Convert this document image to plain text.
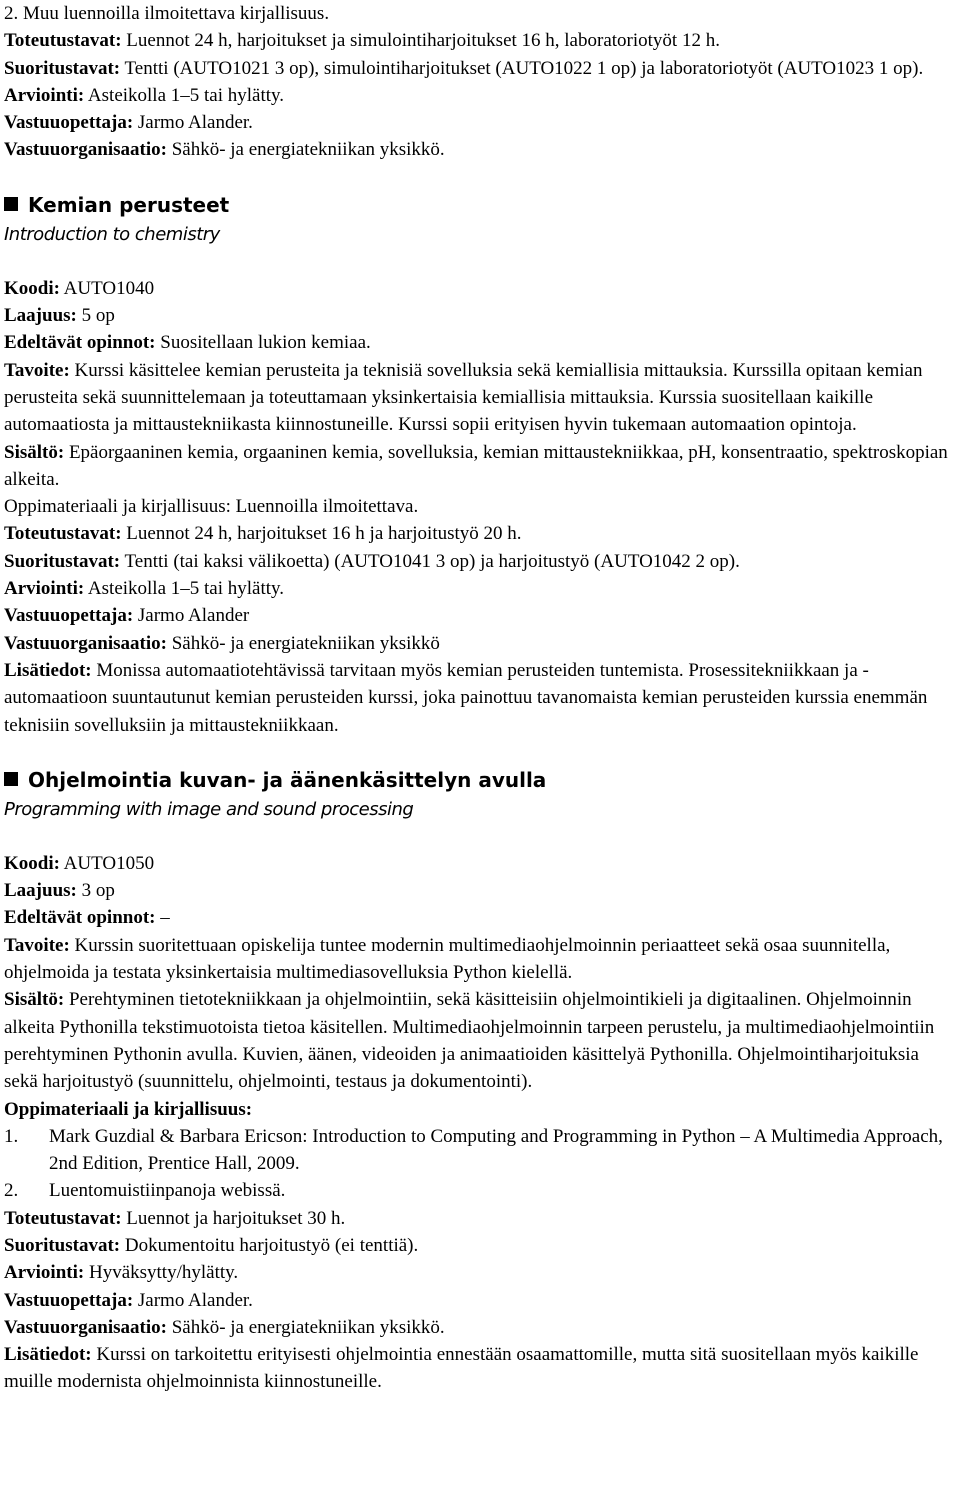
2. Muu luennoilla ilmoitettava kirjallisuus.

Toteutustavat: Luennot 24 h, harjoitukset ja simulointiharjoitukset 16 h, laboratoriotyöt 12 h.

Suoritustavat: Tentti (AUTO1021 3 op), simulointiharjoitukset (AUTO1022 1 op) ja laboratoriotyöt (AUTO1023 1 op).

Arviointi: Asteikolla 1–5 tai hylätty.

Vastuuopettaja: Jarmo Alander.

Vastuuorganisaatio: Sähkö- ja energiatekniikan yksikkö.

Kemian perusteet

Introduction to chemistry

Koodi: AUTO1040

Laajuus: 5 op

Edeltävät opinnot: Suositellaan lukion kemiaa.

Tavoite: Kurssi käsittelee kemian perusteita ja teknisiä sovelluksia sekä kemiallisia mittauksia. Kurssilla opitaan kemian perusteita sekä suunnittelemaan ja toteuttamaan yksinkertaisia kemiallisia mittauksia. Kurssia suositellaan kaikille automaatiosta ja mittaustekniikasta kiinnostuneille. Kurssi sopii erityisen hyvin tukemaan automaation opintoja.

Sisältö: Epäorgaaninen kemia, orgaaninen kemia, sovelluksia, kemian mittaustekniikkaa, pH, konsentraatio, spektroskopian alkeita.

Oppimateriaali ja kirjallisuus: Luennoilla ilmoitettava.

Toteutustavat: Luennot 24 h, harjoitukset 16 h ja harjoitustyö 20 h.

Suoritustavat: Tentti (tai kaksi välikoetta) (AUTO1041 3 op) ja harjoitustyö (AUTO1042 2 op).

Arviointi: Asteikolla 1–5 tai hylätty.

Vastuuopettaja: Jarmo Alander

Vastuuorganisaatio: Sähkö- ja energiatekniikan yksikkö

Lisätiedot: Monissa automaatiotehtävissä tarvitaan myös kemian perusteiden tuntemista. Prosessitekniikkaan ja -automaatioon suuntautunut kemian perusteiden kurssi, joka painottuu tavanomaista kemian perusteiden kurssia enemmän teknisiin sovelluksiin ja mittaustekniikkaan.

Ohjelmointia kuvan- ja äänenkäsittelyn avulla

Programming with image and sound processing

Koodi: AUTO1050

Laajuus: 3 op

Edeltävät opinnot: –

Tavoite: Kurssin suoritettuaan opiskelija tuntee modernin multimediaohjelmoinnin periaatteet sekä osaa suunnitella, ohjelmoida ja testata yksinkertaisia multimediasovelluksia Python kielellä.

Sisältö: Perehtyminen tietotekniikkaan ja ohjelmointiin, sekä käsitteisiin ohjelmointikieli ja digitaalinen. Ohjelmoinnin alkeita Pythonilla tekstimuotoista tietoa käsitellen. Multimediaohjelmoinnin tarpeen perustelu, ja multimediaohjelmointiin perehtyminen Pythonin avulla. Kuvien, äänen, videoiden ja animaatioiden käsittelyä Pythonilla. Ohjelmointiharjoituksia sekä harjoitustyö (suunnittelu, ohjelmointi, testaus ja dokumentointi).

Oppimateriaali ja kirjallisuus:

1.	Mark Guzdial & Barbara Ericson: Introduction to Computing and Programming in Python – A Multimedia Approach, 2nd Edition, Prentice Hall, 2009.
2.	Luentomuistiinpanoja webissä.

Toteutustavat: Luennot ja harjoitukset 30 h.

Suoritustavat: Dokumentoitu harjoitustyö (ei tenttiä).

Arviointi: Hyväksytty/hylätty.

Vastuuopettaja: Jarmo Alander.

Vastuuorganisaatio: Sähkö- ja energiatekniikan yksikkö.

Lisätiedot: Kurssi on tarkoitettu erityisesti ohjelmointia ennestään osaamattomille, mutta sitä suositellaan myös kaikille muille modernista ohjelmoinnista kiinnostuneille.
